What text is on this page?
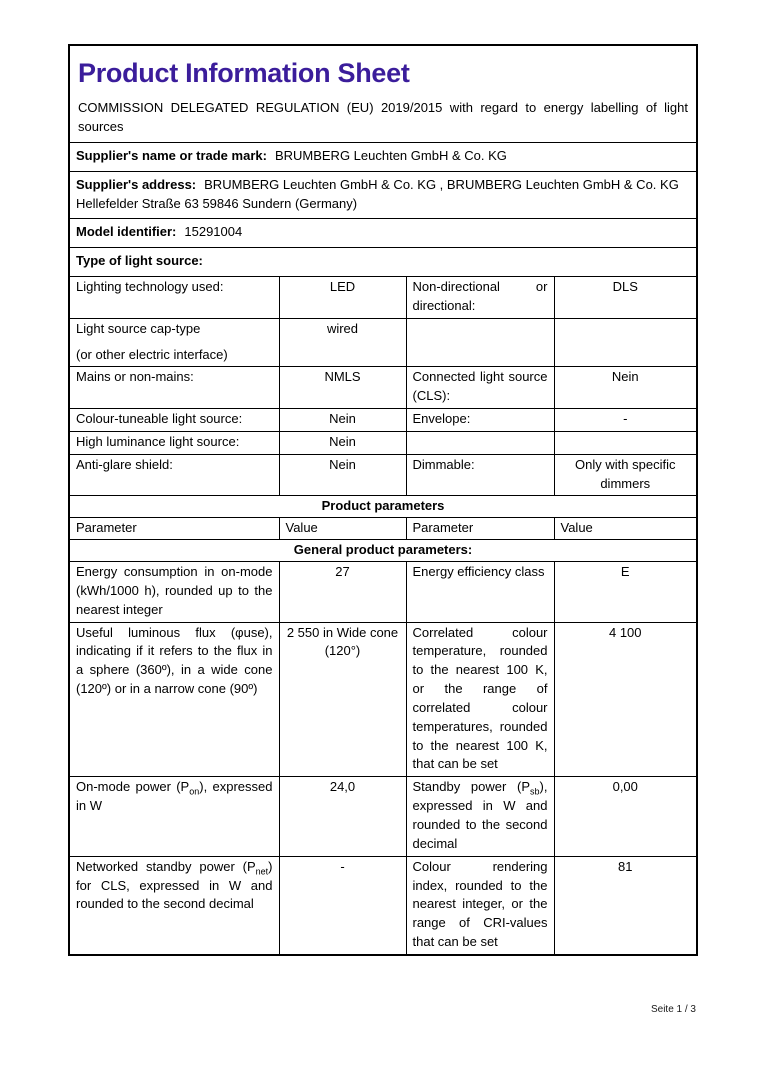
Product Information Sheet

COMMISSION DELEGATED REGULATION (EU) 2019/2015 with regard to energy labelling of light sources

Supplier's name or trade mark: BRUMBERG Leuchten GmbH & Co. KG			
Supplier's address: BRUMBERG Leuchten GmbH & Co. KG , BRUMBERG Leuchten GmbH & Co. KG Hellefelder Straße 63 59846 Sundern (Germany)			
Model identifier: 15291004			
Type of light source:			
Lighting technology used:	LED	Non-directional or directional:	DLS

Light source cap-type
(or other electric interface)	wired		
Mains or non-mains:	NMLS	Connected light source (CLS):	Nein
Colour-tuneable light source:	Nein	Envelope:	-
High luminance light source:	Nein		
Anti-glare shield:	Nein	Dimmable:	Only with specific dimmers
Product parameters			
Parameter	Value	Parameter	Value
General product parameters:			
Energy consumption in on-mode (kWh/1000 h), rounded up to the nearest integer	27	Energy efficiency class	E
Useful luminous flux (φuse), indicating if it refers to the flux in a sphere (360º), in a wide cone (120º) or in a narrow cone (90º)	2 550 in Wide cone (120°)	Correlated colour temperature, rounded to the nearest 100 K, or the range of correlated colour temperatures, rounded to the nearest 100 K, that can be set	4 100
On-mode power $(P_{on})$, expressed in W	24,0	Standby power $(P_{sb})$, expressed in W and rounded to the second decimal	0,00
Networked standby power $(P_{net})$ for CLS, expressed in W and rounded to the second decimal	-	Colour rendering index, rounded to the nearest integer, or the range of CRI-values that can be set	81
Seite 1 / 3
